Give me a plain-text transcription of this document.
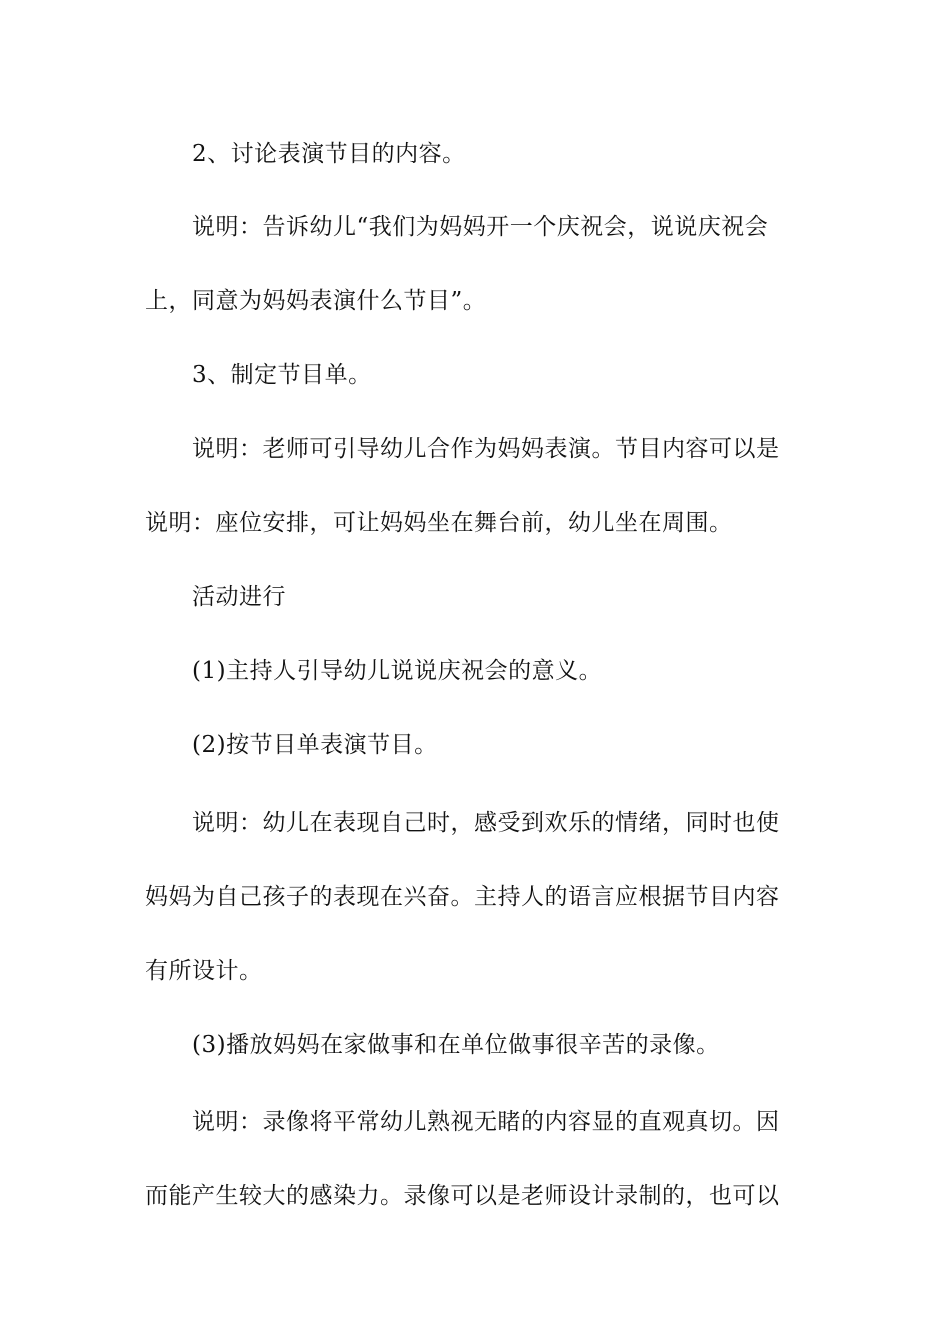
2、讨论表演节目的内容。
说明：告诉幼儿“我们为妈妈开一个庆祝会，说说庆祝会
上，同意为妈妈表演什么节目”。
3、制定节目单。
说明：老师可引导幼儿合作为妈妈表演。节目内容可以是
说明：座位安排，可让妈妈坐在舞台前，幼儿坐在周围。
活动进行
(1)主持人引导幼儿说说庆祝会的意义。
(2)按节目单表演节目。
说明：幼儿在表现自己时，感受到欢乐的情绪，同时也使
妈妈为自己孩子的表现在兴奋。主持人的语言应根据节目内容
有所设计。
(3)播放妈妈在家做事和在单位做事很辛苦的录像。
说明：录像将平常幼儿熟视无睹的内容显的直观真切。因
而能产生较大的感染力。录像可以是老师设计录制的，也可以
